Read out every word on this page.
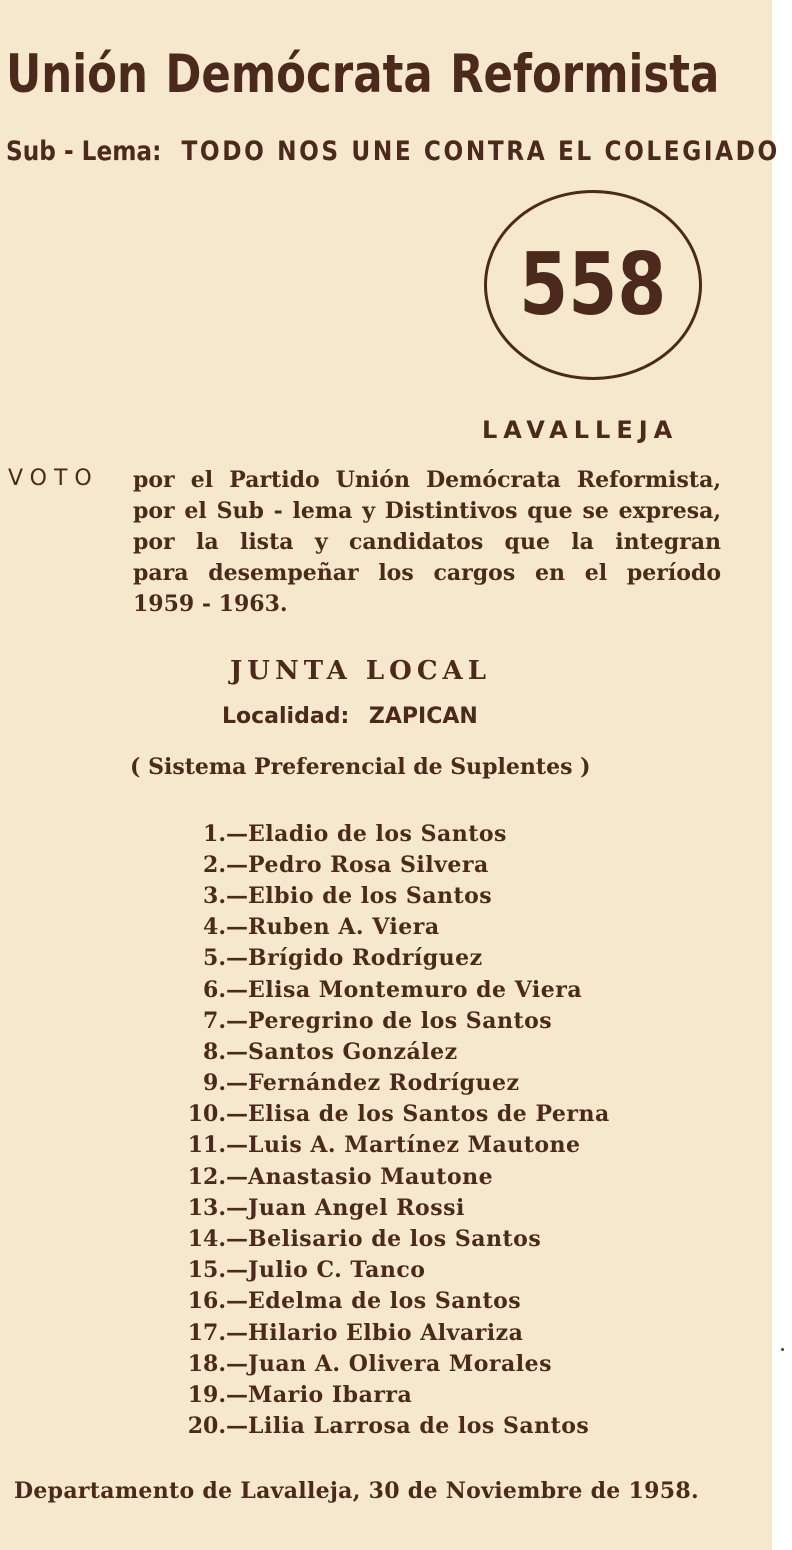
Unión Demócrata Reformista
Sub - Lema: TODO NOS UNE CONTRA EL COLEGIADO
558
LAVALLEJA
VOTO por el Partido Unión Demócrata Reformista,
por el Sub - lema y Distintivos que se expresa,
por la lista y candidatos que la integran
para desempeñar los cargos en el período
1959 - 1963.
JUNTA LOCAL
Localidad: ZAPICAN
( Sistema Preferencial de Suplentes )
1.— Eladio de los Santos
2.— Pedro Rosa Silvera
3.— Elbio de los Santos
4.— Ruben A. Viera
5.— Brígido Rodríguez
6.— Elisa Montemuro de Viera
7.— Peregrino de los Santos
8.— Santos González
9.— Fernández Rodríguez
10.— Elisa de los Santos de Perna
11.— Luis A. Martínez Mautone
12.— Anastasio Mautone
13.— Juan Angel Rossi
14.— Belisario de los Santos
15.— Julio C. Tanco
16.— Edelma de los Santos
17.— Hilario Elbio Alvariza
18.— Juan A. Olivera Morales
19.— Mario Ibarra
20.— Lilia Larrosa de los Santos
Departamento de Lavalleja, 30 de Noviembre de 1958.
